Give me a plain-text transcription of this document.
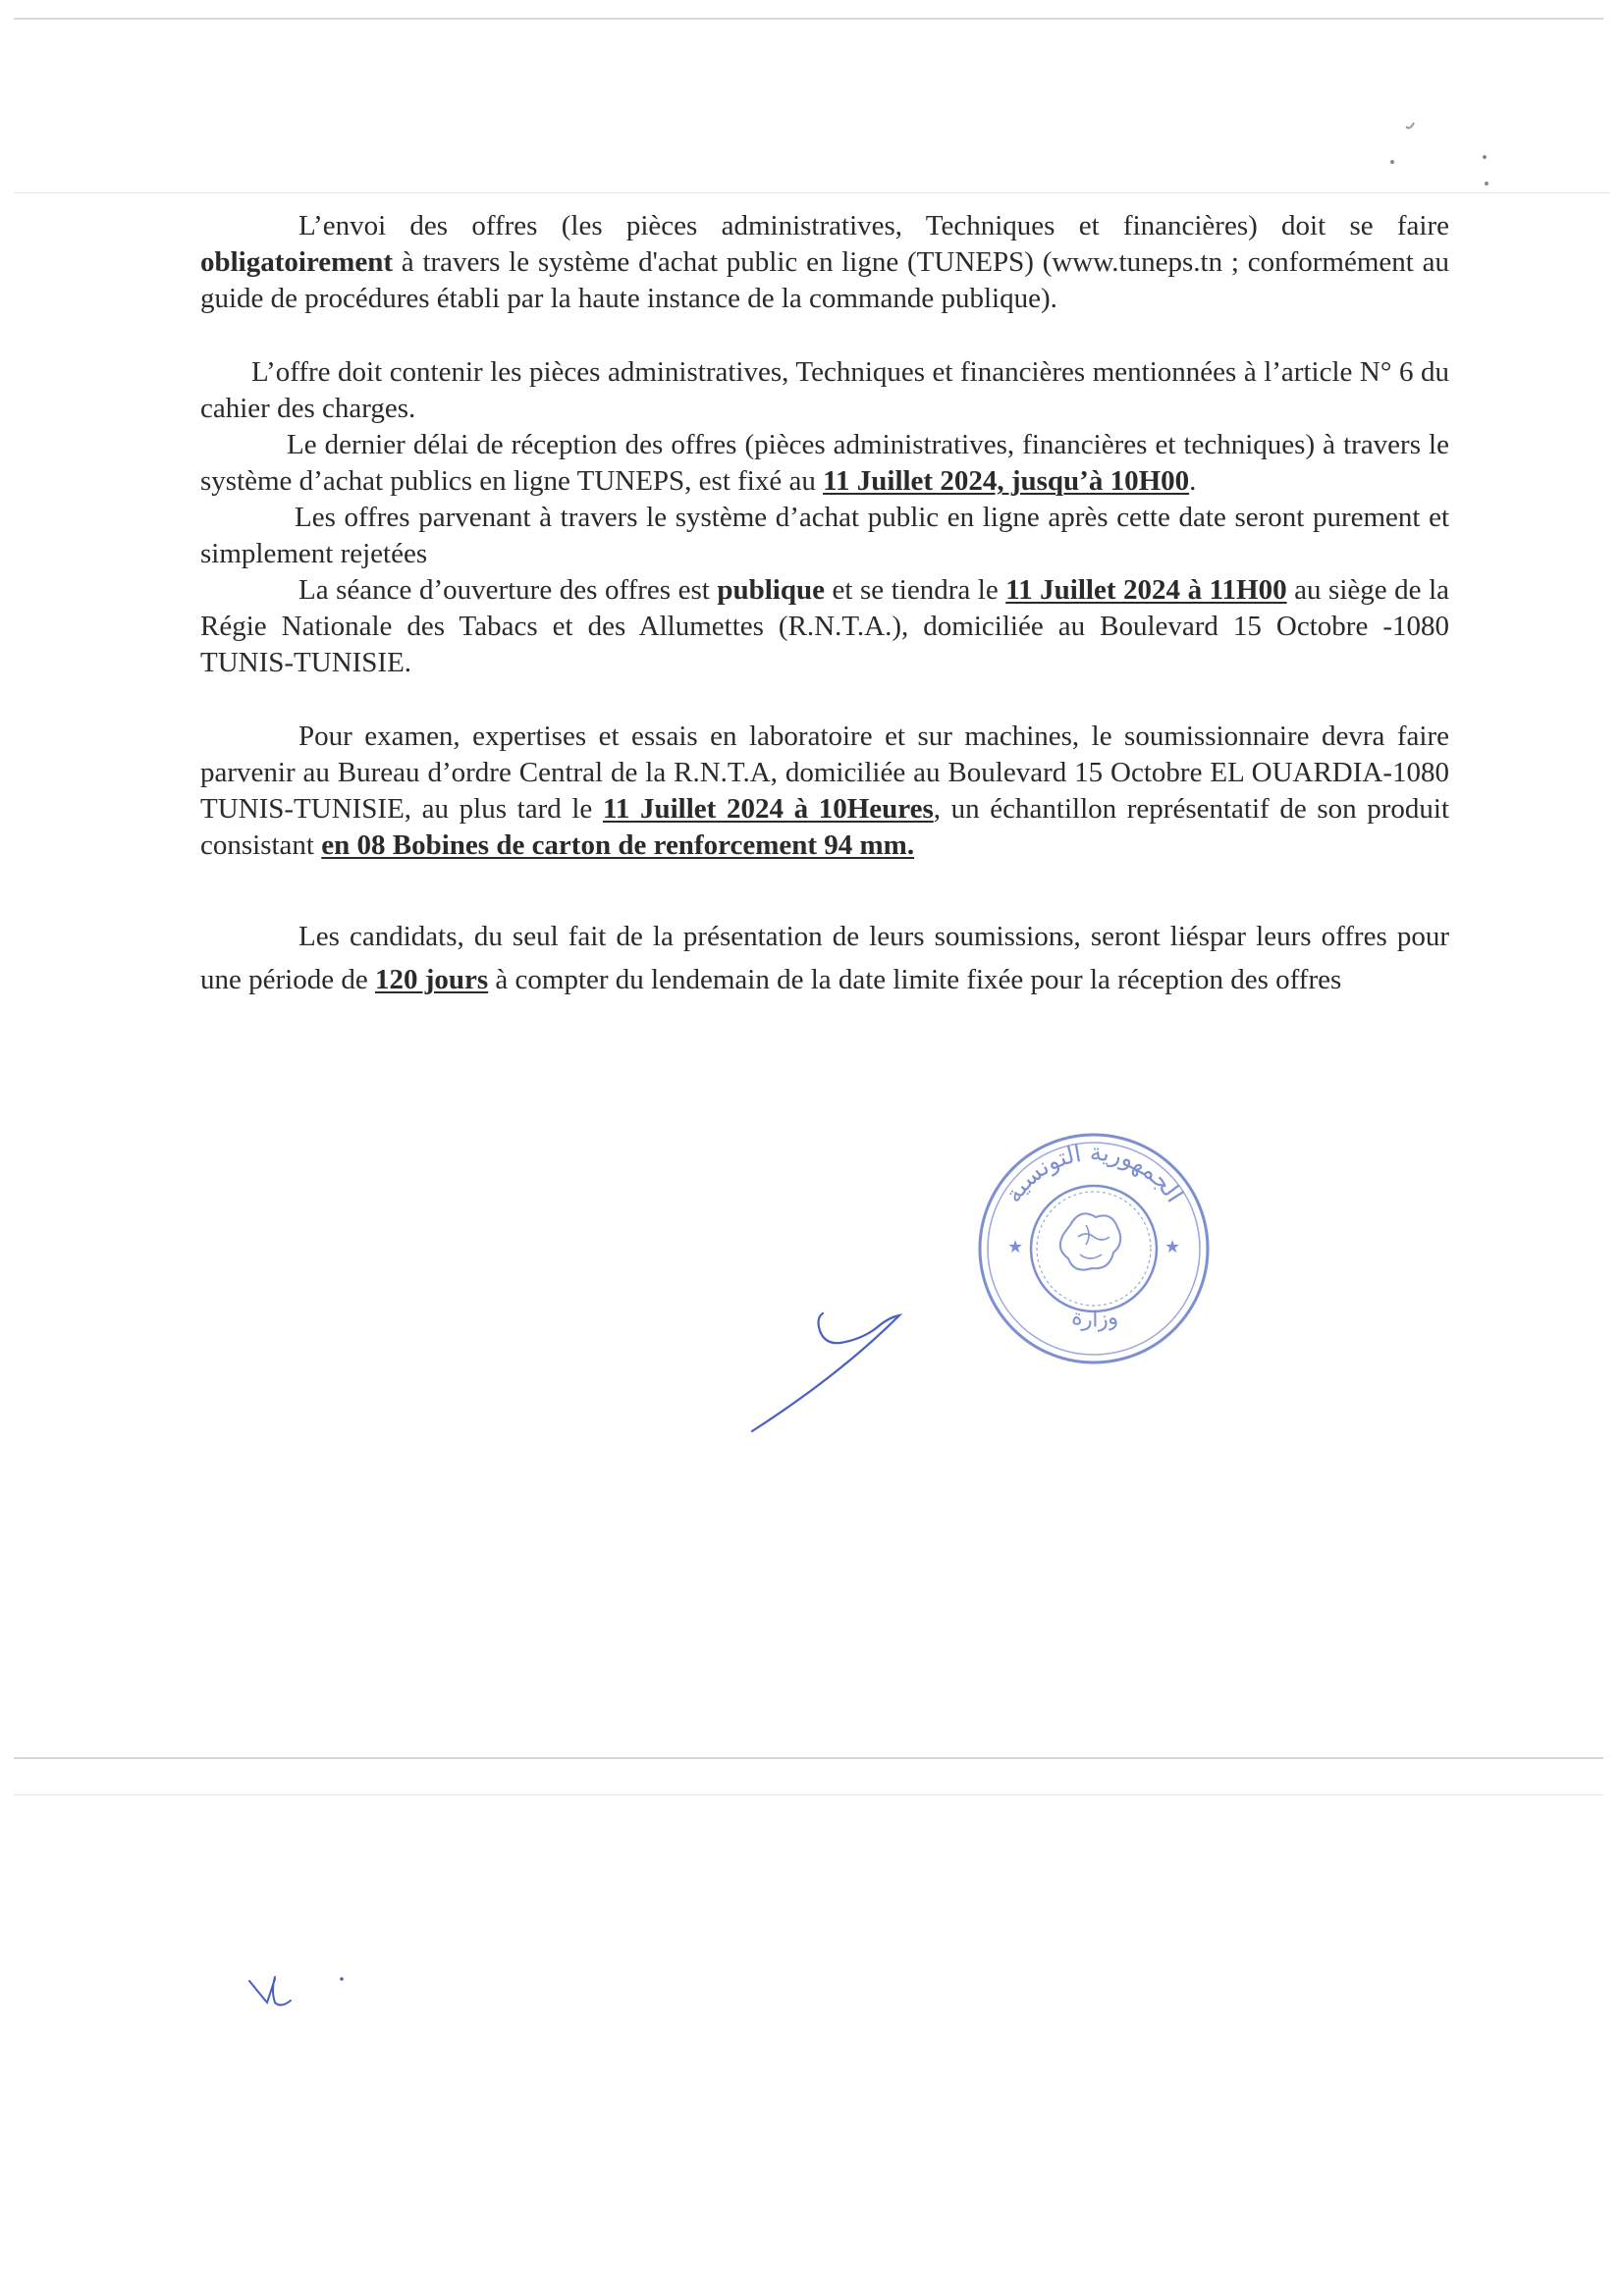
L’envoi des offres (les pièces administratives, Techniques et financières) doit se faire obligatoirement à travers le système d'achat public en ligne (TUNEPS) (www.tuneps.tn ; conformément au guide de procédures établi par la haute instance de la commande publique).

L’offre doit contenir les pièces administratives, Techniques et financières mentionnées à l’article N° 6 du cahier des charges.

Le dernier délai de réception des offres (pièces administratives, financières et techniques) à travers le système d’achat publics en ligne TUNEPS, est fixé au 11 Juillet 2024, jusqu’à 10H00.

Les offres parvenant à travers le système d’achat public en ligne après cette date seront purement et simplement rejetées

La séance d’ouverture des offres est publique et se tiendra le 11 Juillet 2024 à 11H00 au siège de la Régie Nationale des Tabacs et des Allumettes (R.N.T.A.), domiciliée au Boulevard 15 Octobre -1080 TUNIS-TUNISIE.

Pour examen, expertises et essais en laboratoire et sur machines, le soumissionnaire devra faire parvenir au Bureau d’ordre Central de la R.N.T.A, domiciliée au Boulevard 15 Octobre EL OUARDIA-1080 TUNIS-TUNISIE, au plus tard le 11 Juillet 2024 à 10Heures, un échantillon représentatif de son produit consistant en 08 Bobines de carton de renforcement 94 mm.

Les candidats, du seul fait de la présentation de leurs soumissions, seront liéspar leurs offres pour une période de 120 jours à compter du lendemain de la date limite fixée pour la réception des offres

الجمهورية التونسية
وزارة
★	★
